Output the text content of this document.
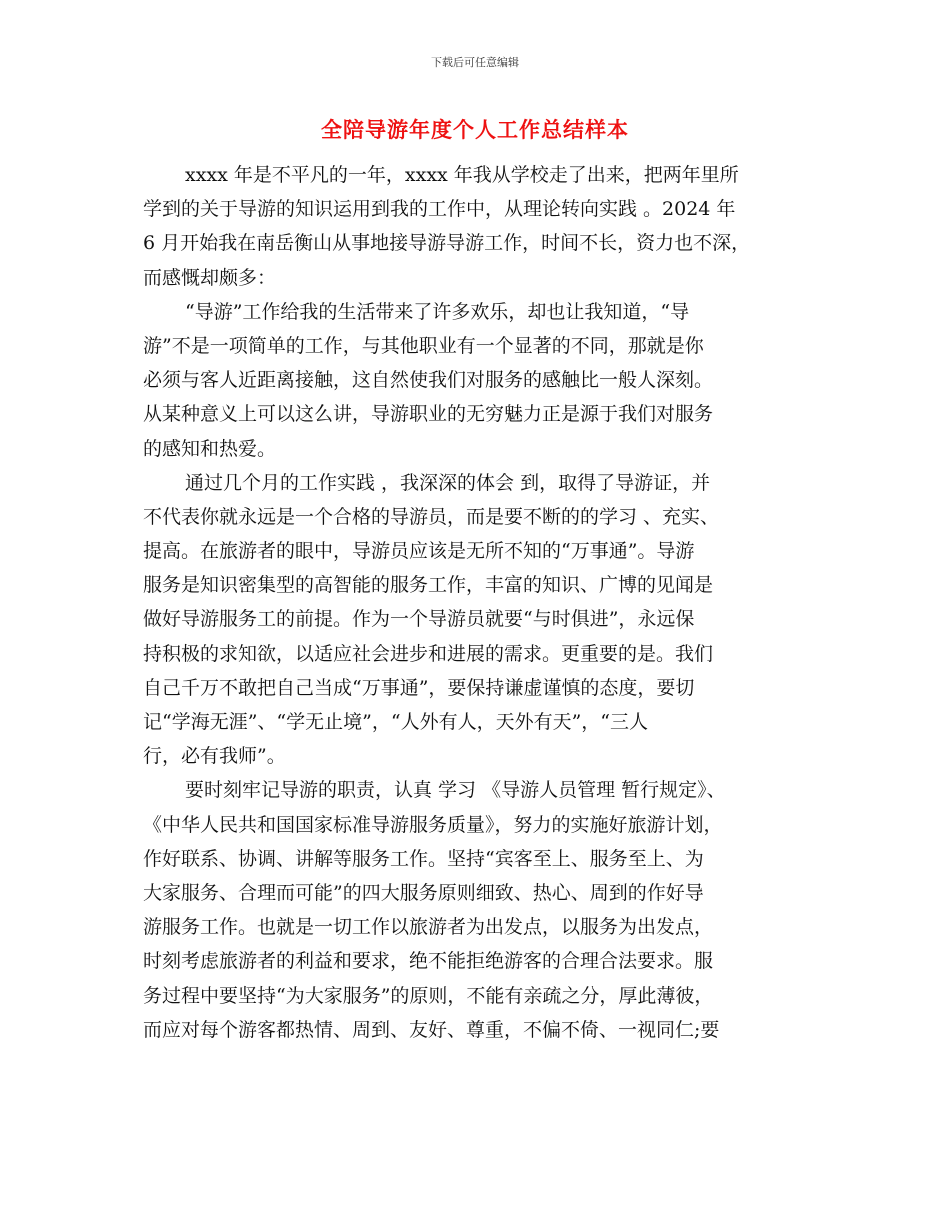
下载后可任意编辑
全陪导游年度个人工作总结样本
xxxx 年是不平凡的一年，xxxx 年我从学校走了出来，把两年里所
学到的关于导游的知识运用到我的工作中，从理论转向实践 。2024 年
6 月开始我在南岳衡山从事地接导游导游工作，时间不长，资力也不深，
而感慨却颇多：
“导游”工作给我的生活带来了许多欢乐，却也让我知道，“导
游”不是一项简单的工作，与其他职业有一个显著的不同，那就是你
必须与客人近距离接触，这自然使我们对服务的感触比一般人深刻。
从某种意义上可以这么讲，导游职业的无穷魅力正是源于我们对服务
的感知和热爱。
通过几个月的工作实践 ，我深深的体会 到，取得了导游证，并
不代表你就永远是一个合格的导游员，而是要不断的的学习 、充实、
提高。在旅游者的眼中，导游员应该是无所不知的“万事通”。导游
服务是知识密集型的高智能的服务工作，丰富的知识、广博的见闻是
做好导游服务工的前提。作为一个导游员就要“与时俱进”，永远保
持积极的求知欲，以适应社会进步和进展的需求。更重要的是。我们
自己千万不敢把自己当成“万事通”，要保持谦虚谨慎的态度，要切
记“学海无涯”、“学无止境”，“人外有人，天外有天”，“三人
行，必有我师”。
要时刻牢记导游的职责，认真 学习 《导游人员管理 暂行规定》、
《中华人民共和国国家标准导游服务质量》，努力的实施好旅游计划，
作好联系、协调、讲解等服务工作。坚持“宾客至上、服务至上、为
大家服务、合理而可能”的四大服务原则细致、热心、周到的作好导
游服务工作。也就是一切工作以旅游者为出发点，以服务为出发点，
时刻考虑旅游者的利益和要求，绝不能拒绝游客的合理合法要求。服
务过程中要坚持“为大家服务”的原则，不能有亲疏之分，厚此薄彼，
而应对每个游客都热情、周到、友好、尊重，不偏不倚、一视同仁;要
